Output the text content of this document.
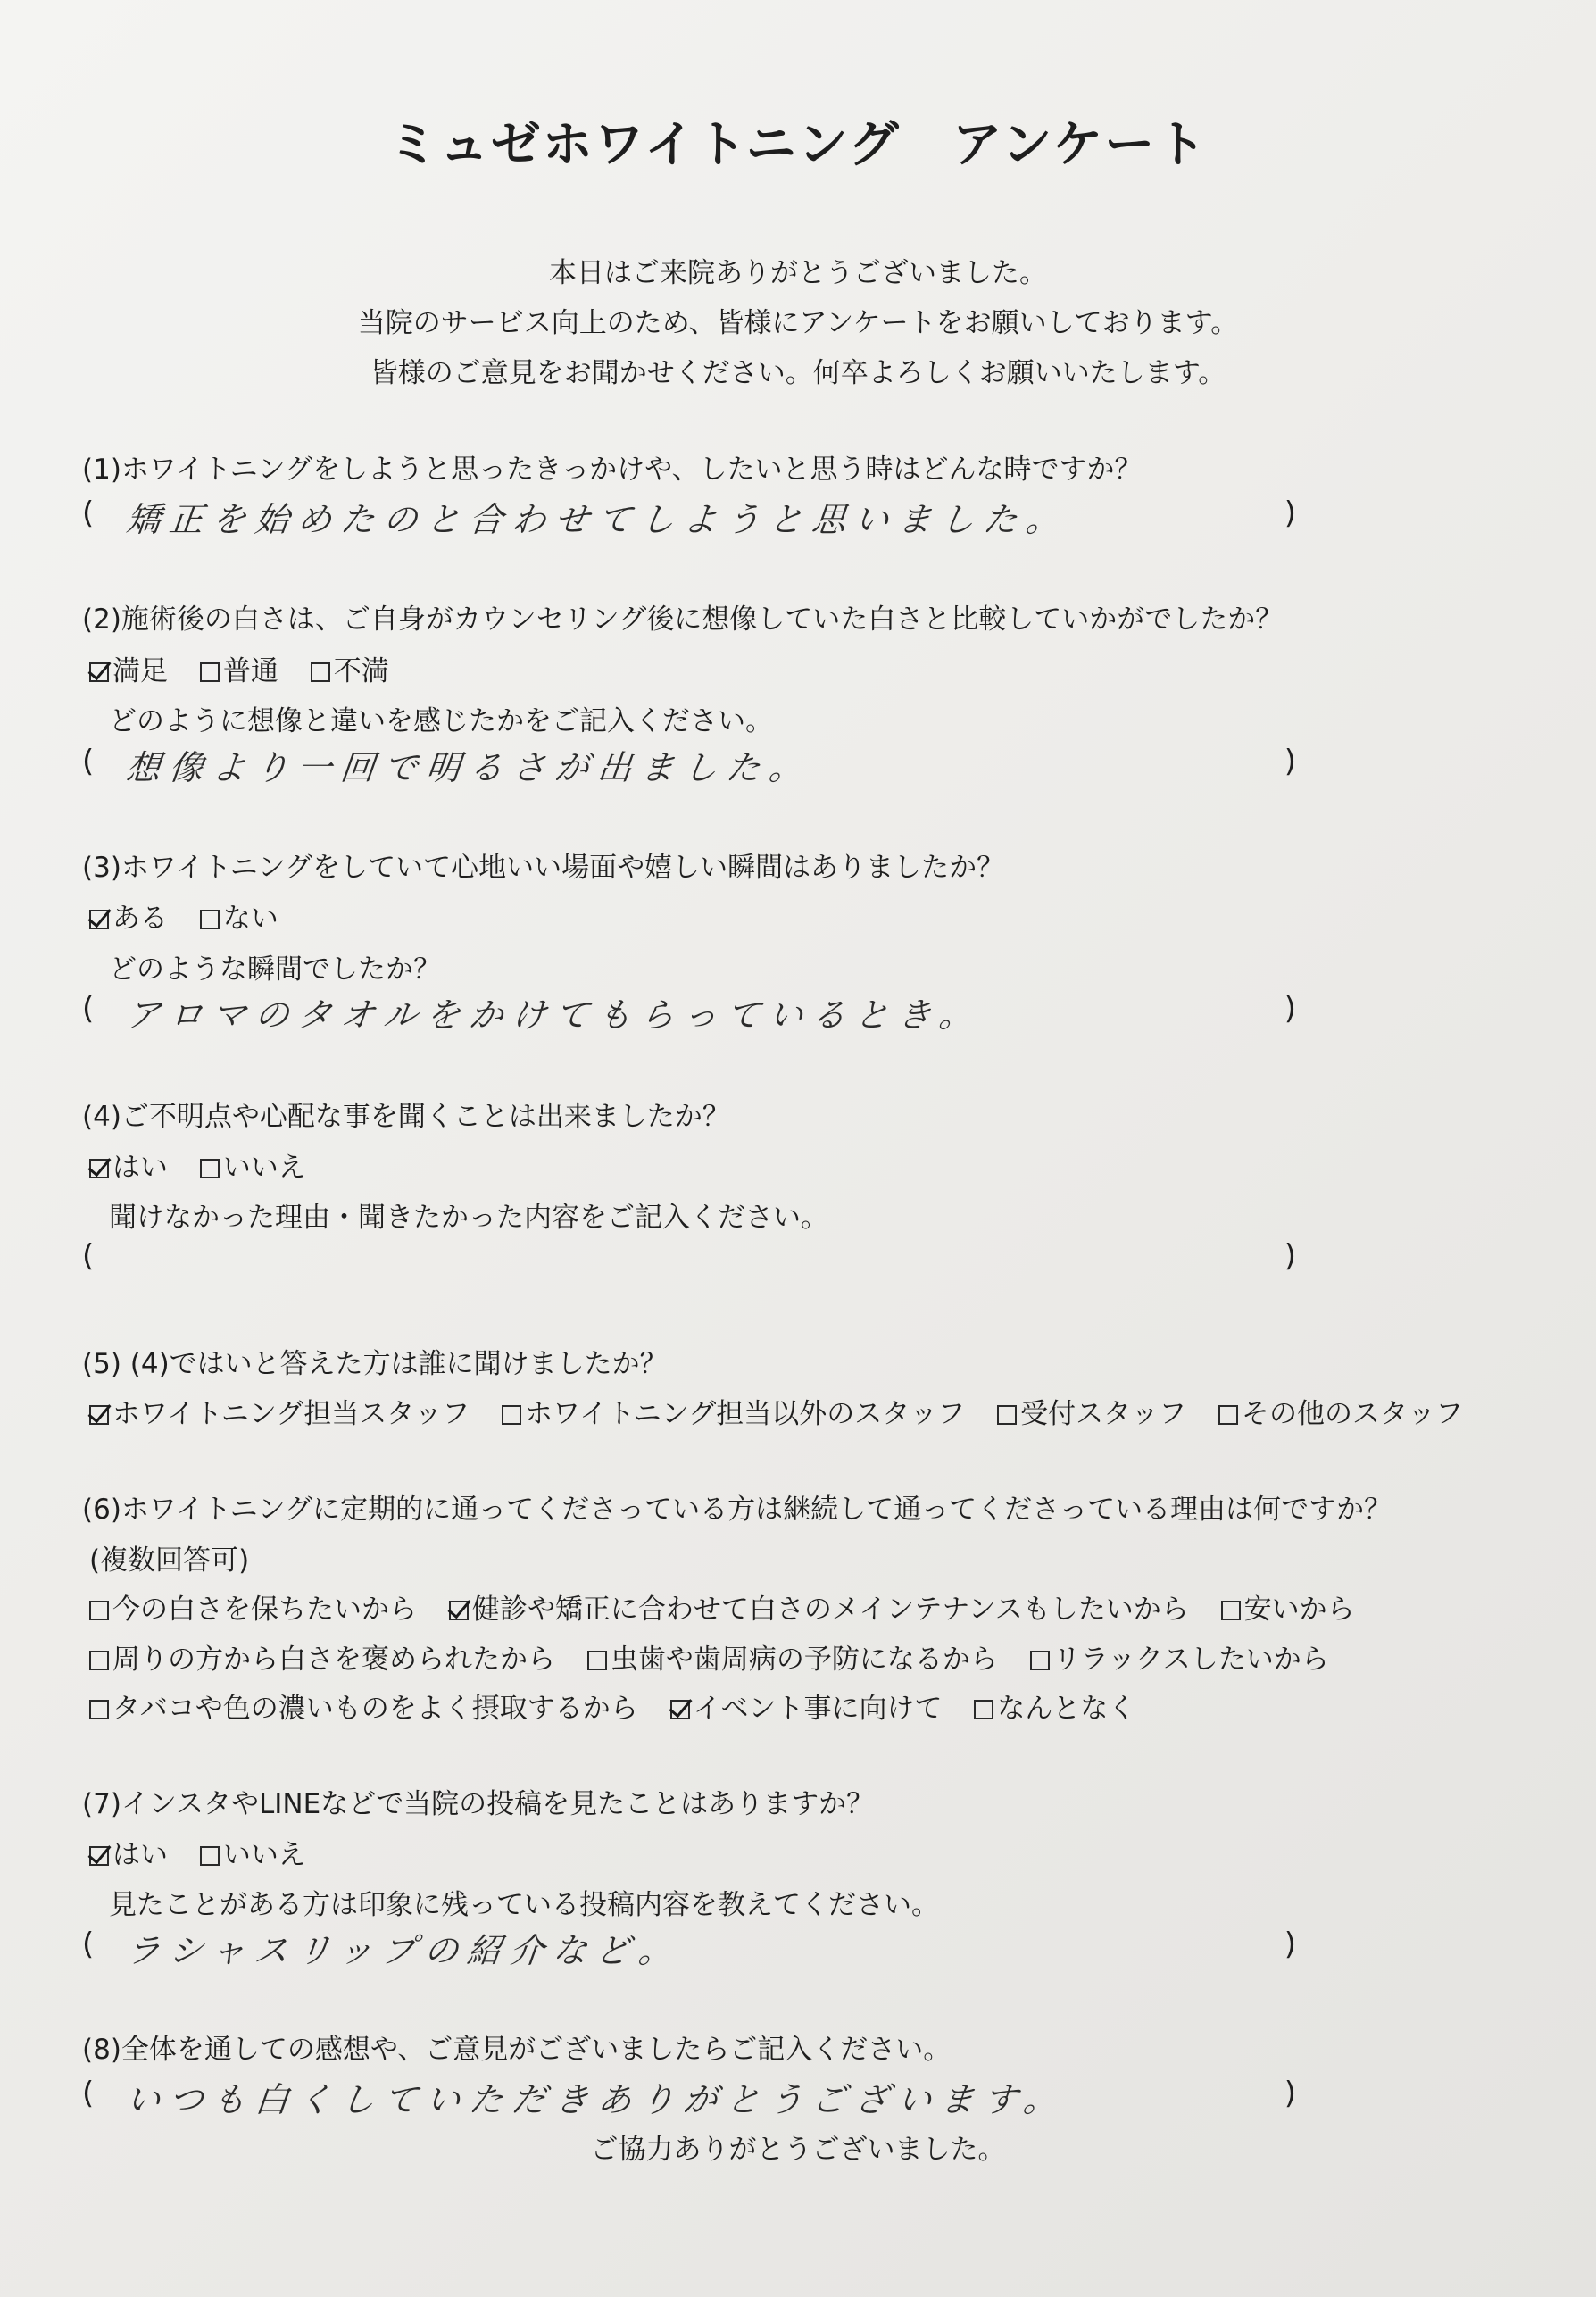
ミュゼホワイトニング　アンケート
本日はご来院ありがとうございました。
当院のサービス向上のため、皆様にアンケートをお願いしております。
皆様のご意見をお聞かせください。何卒よろしくお願いいたします。
(1)ホワイトニングをしようと思ったきっかけや、したいと思う時はどんな時ですか？
( 矯正を始めたのと合わせてしようと思いました。	)
(2)施術後の白さは、ご自身がカウンセリング後に想像していた白さと比較していかがでしたか？
満足 普通 不満
どのように想像と違いを感じたかをご記入ください。
( 想像より一回で明るさが出ました。	)
(3)ホワイトニングをしていて心地いい場面や嬉しい瞬間はありましたか？
ある ない
どのような瞬間でしたか？
( アロマのタオルをかけてもらっているとき。	)
(4)ご不明点や心配な事を聞くことは出来ましたか？
はい いいえ
聞けなかった理由・聞きたかった内容をご記入ください。
(	)
(5) (4)ではいと答えた方は誰に聞けましたか？
ホワイトニング担当スタッフ ホワイトニング担当以外のスタッフ 受付スタッフ その他のスタッフ
(6)ホワイトニングに定期的に通ってくださっている方は継続して通ってくださっている理由は何ですか？
(複数回答可)
今の白さを保ちたいから 健診や矯正に合わせて白さのメインテナンスもしたいから 安いから
周りの方から白さを褒められたから 虫歯や歯周病の予防になるから リラックスしたいから
タバコや色の濃いものをよく摂取するから イベント事に向けて なんとなく
(7)インスタやLINEなどで当院の投稿を見たことはありますか？
はい いいえ
見たことがある方は印象に残っている投稿内容を教えてください。
( ラシャスリップの紹介など。	)
(8)全体を通しての感想や、ご意見がございましたらご記入ください。
( いつも白くしていただきありがとうございます。	)
ご協力ありがとうございました。
